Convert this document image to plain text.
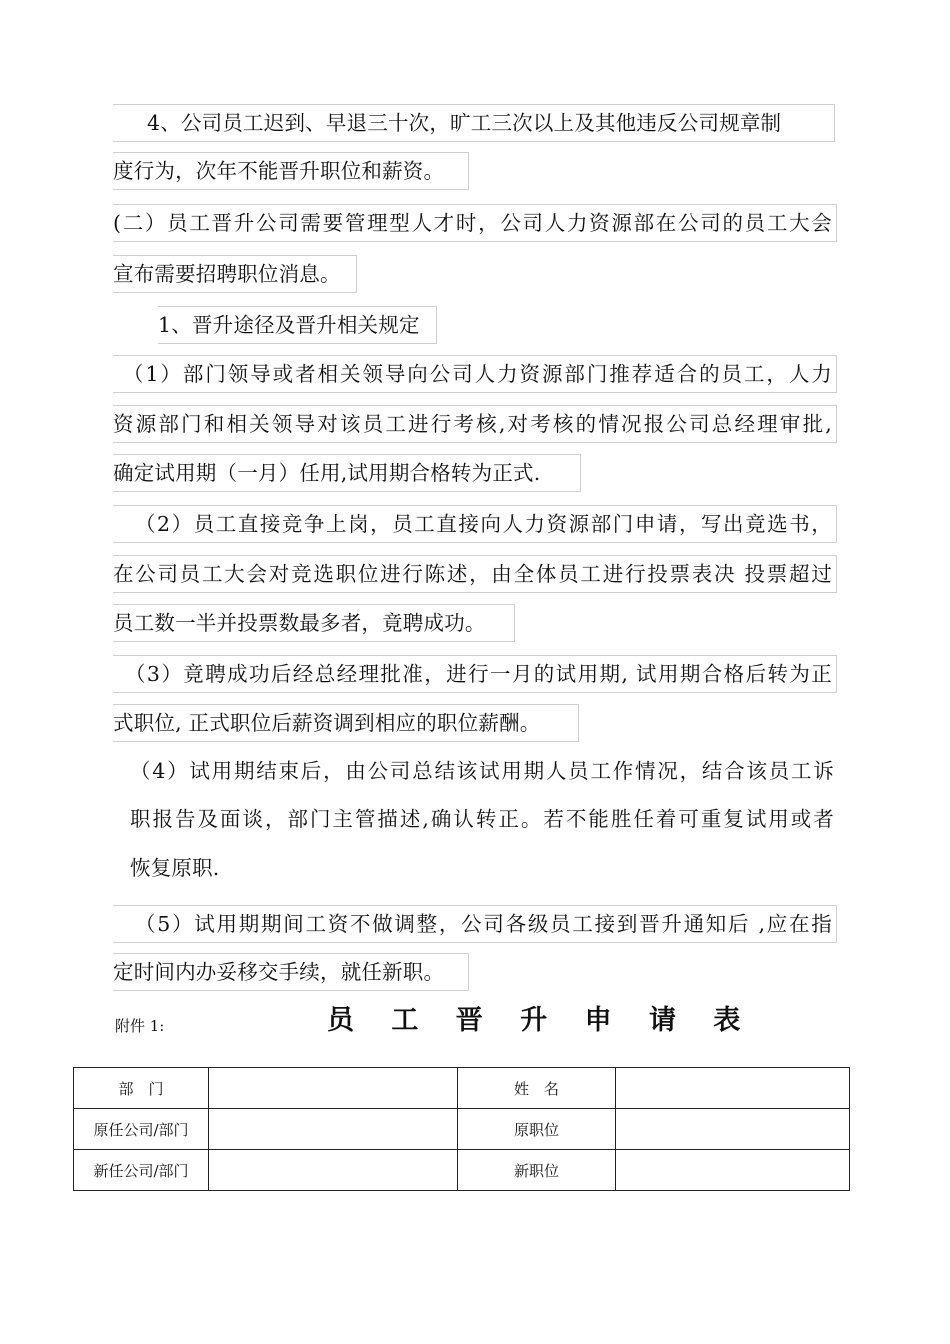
4、公司员工迟到、早退三十次，旷工三次以上及其他违反公司规章制
度行为，次年不能晋升职位和薪资。
(二）员工晋升公司需要管理型人才时，公司人力资源部在公司的员工大会
宣布需要招聘职位消息。
1、晋升途径及晋升相关规定
（1）部门领导或者相关领导向公司人力资源部门推荐适合的员工，人力
资源部门和相关领导对该员工进行考核,对考核的情况报公司总经理审批,
确定试用期（一月）任用,试用期合格转为正式.
（2）员工直接竞争上岗，员工直接向人力资源部门申请，写出竟选书，
在公司员工大会对竞选职位进行陈述，由全体员工进行投票表决 投票超过
员工数一半并投票数最多者，竟聘成功。
（3）竟聘成功后经总经理批准，进行一月的试用期, 试用期合格后转为正
式职位, 正式职位后薪资调到相应的职位薪酬。
（4）试用期结束后，由公司总结该试用期人员工作情况，结合该员工诉
职报告及面谈，部门主管描述,确认转正。若不能胜任着可重复试用或者
恢复原职.
（5）试用期期间工资不做调整，公司各级员工接到晋升通知后 ,应在指
定时间内办妥移交手续，就任新职。
附件 1:	员 工 晋 升 申 请 表
部　门		姓　名	
原任公司/部门		原职位	
新任公司/部门		新职位	
